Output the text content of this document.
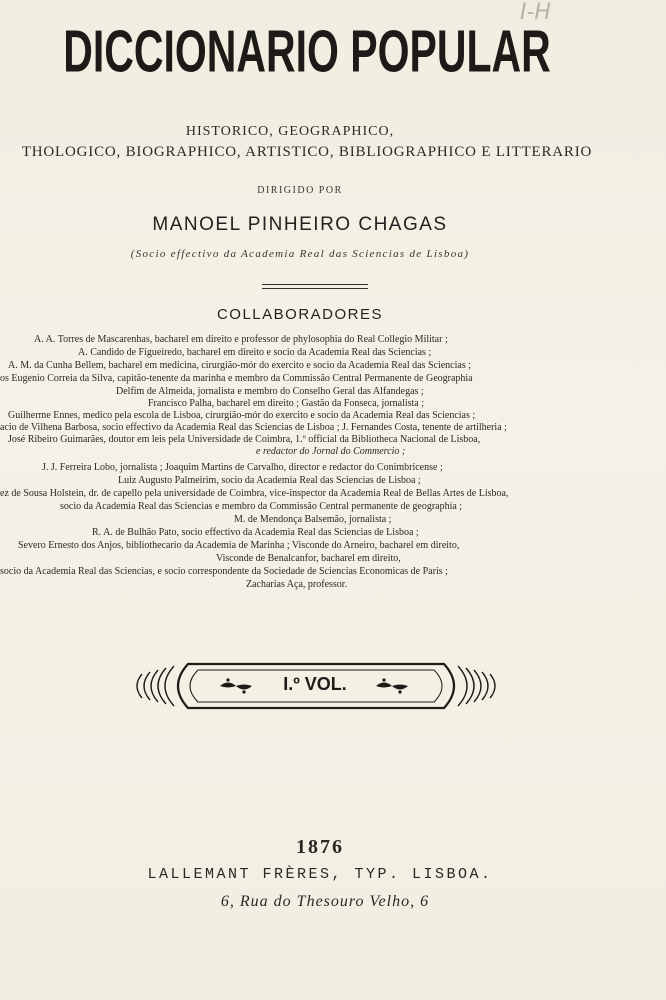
I-H
DICCIONARIO POPULAR
HISTORICO, GEOGRAPHICO,
THOLOGICO, BIOGRAPHICO, ARTISTICO, BIBLIOGRAPHICO E LITTERARIO
DIRIGIDO POR
MANOEL PINHEIRO CHAGAS
(Socio effectivo da Academia Real das Sciencias de Lisboa)
COLLABORADORES
A. A. Torres de Mascarenhas, bacharel em direito e professor de phylosophia do Real Collegio Militar ;
A. Candido de Figueiredo, bacharel em direito e socio da Academia Real das Sciencias ;
A. M. da Cunha Bellem, bacharel em medicina, cirurgião-mór do exercito e socio da Academia Real das Sciencias ;
os Eugenio Correia da Silva, capitão-tenente da marinha e membro da Commissão Central Permanente de Geographia
Delfim de Almeida, jornalista e membro do Conselho Geral das Alfandegas ;
Francisco Palha, bacharel em direito ; Gastão da Fonseca, jornalista ;
Guilherme Ennes, medico pela escola de Lisboa, cirurgião-mór do exercito e socio da Academia Real das Sciencias ;
acio de Vilhena Barbosa, socio effectivo da Academia Real das Sciencias de Lisboa ; J. Fernandes Costa, tenente de artilheria ;
José Ribeiro Guimarães, doutor em leis pela Universidade de Coimbra, 1.º official da Bibliotheca Nacional de Lisboa,
e redactor do Jornal do Commercio ;
J. J. Ferreira Lobo, jornalista ; Joaquim Martins de Carvalho, director e redactor do Conimbricense ;
Luiz Augusto Palmeirim, socio da Academia Real das Sciencias de Lisboa ;
ez de Sousa Holstein, dr. de capello pela universidade de Coimbra, vice-inspector da Academia Real de Bellas Artes de Lisboa,
socio da Academia Real das Sciencias e membro da Commissão Central permanente de geographia ;
M. de Mendonça Balsemão, jornalista ;
R. A. de Bulhão Pato, socio effectivo da Academia Real das Sciencias de Lisboa ;
Severo Ernesto dos Anjos, bibliothecario da Academia de Marinha ; Visconde do Arneiro, bacharel em direito,
Visconde de Benalcanfor, bacharel em direito,
socio da Academia Real das Sciencias, e socio correspondente da Sociedade de Sciencias Economicas de Paris ;
Zacharias Aça, professor.
I.º VOL.
1876
LALLEMANT FRÈRES, TYP. LISBOA.
6, Rua do Thesouro Velho, 6
